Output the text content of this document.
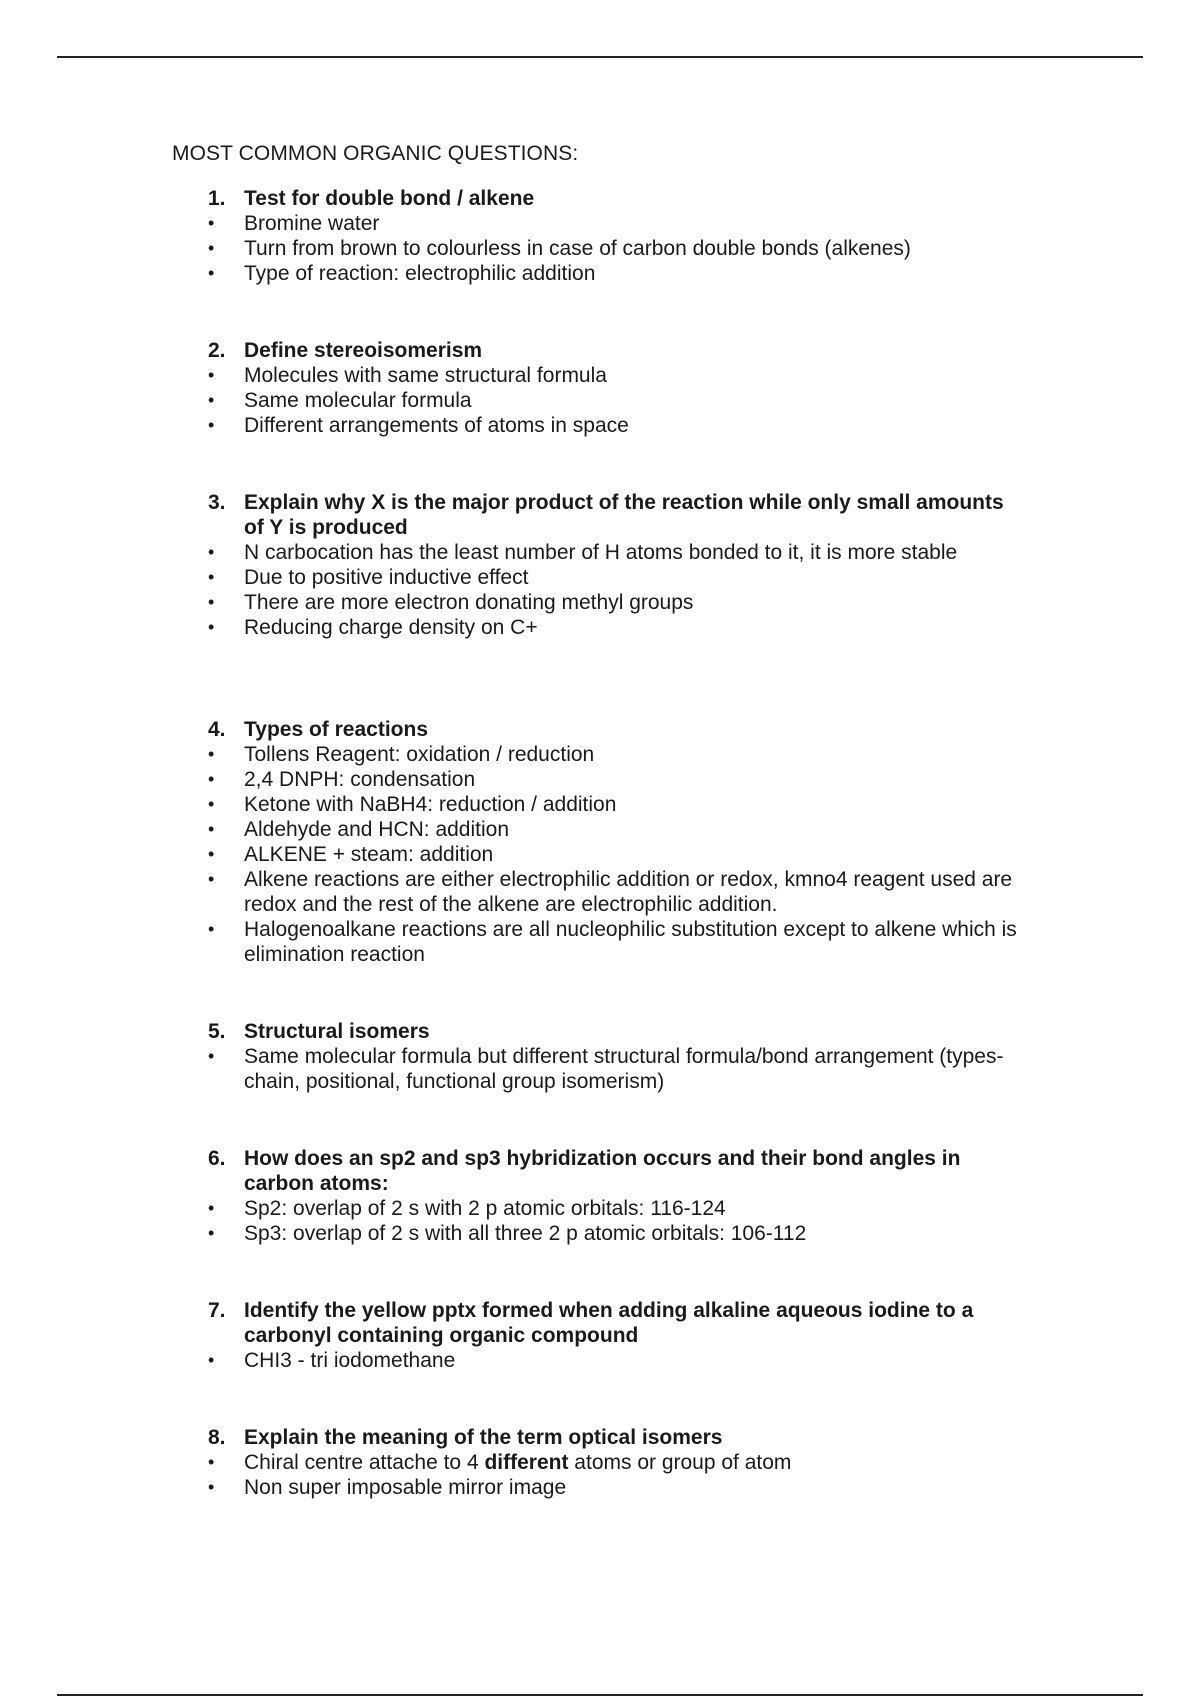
MOST COMMON ORGANIC QUESTIONS:
1. Test for double bond / alkene
•	Bromine water
•	Turn from brown to colourless in case of carbon double bonds (alkenes)
•	Type of reaction: electrophilic addition
2. Define stereoisomerism
•	Molecules with same structural formula
•	Same molecular formula
•	Different arrangements of atoms in space
3. Explain why X is the major product of the reaction while only small amounts of Y is produced
•	N carbocation has the least number of H atoms bonded to it, it is more stable
•	Due to positive inductive effect
•	There are more electron donating methyl groups
•	Reducing charge density on C+
4. Types of reactions
•	Tollens Reagent: oxidation / reduction
•	2,4 DNPH: condensation
•	Ketone with NaBH4: reduction / addition
•	Aldehyde and HCN: addition
•	ALKENE + steam: addition
•	Alkene reactions are either electrophilic addition or redox, kmno4 reagent used are redox and the rest of the alkene are electrophilic addition.
•	Halogenoalkane reactions are all nucleophilic substitution except to alkene which is elimination reaction
5. Structural isomers
•	Same molecular formula but different structural formula/bond arrangement (types- chain, positional, functional group isomerism)
6. How does an sp2 and sp3 hybridization occurs and their bond angles in carbon atoms:
•	Sp2: overlap of 2 s with 2 p atomic orbitals: 116-124
•	Sp3: overlap of 2 s with all three 2 p atomic orbitals: 106-112
7. Identify the yellow pptx formed when adding alkaline aqueous iodine to a carbonyl containing organic compound
•	CHI3 - tri iodomethane
8. Explain the meaning of the term optical isomers
•	Chiral centre attache to 4 different atoms or group of atom
•	Non super imposable mirror image
